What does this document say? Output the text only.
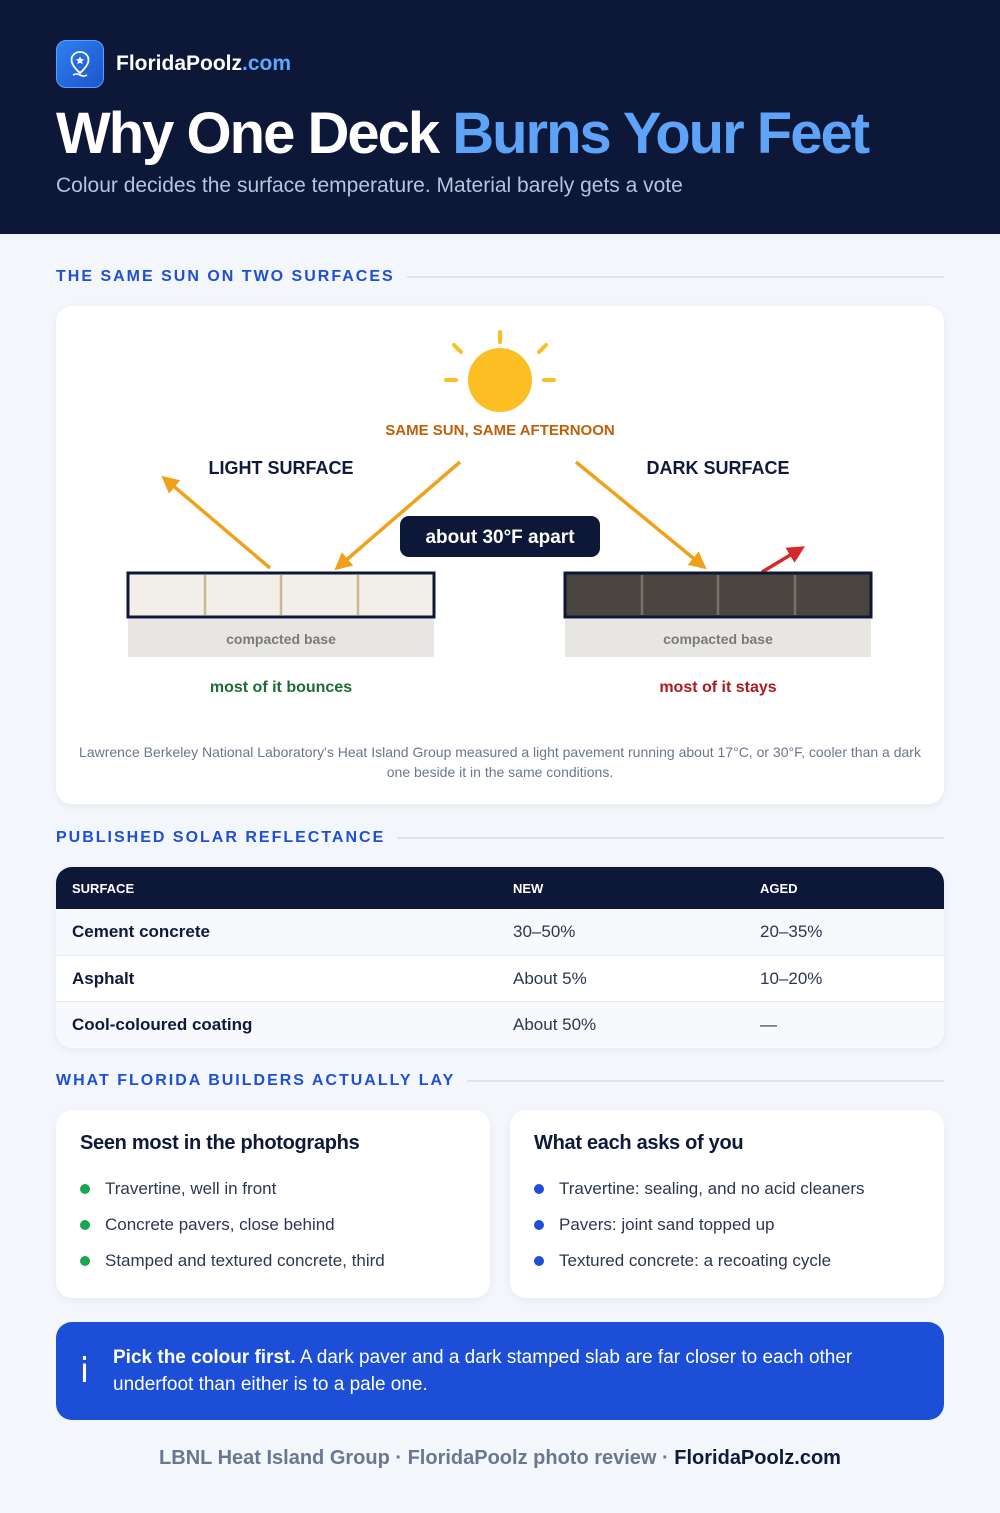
FloridaPoolz.com
Why One Deck Burns Your Feet
Colour decides the surface temperature. Material barely gets a vote
THE SAME SUN ON TWO SURFACES
SAME SUN, SAME AFTERNOON
LIGHT SURFACE	DARK SURFACE
about 30°F apart
compacted base	compacted base
most of it bounces	most of it stays
Lawrence Berkeley National Laboratory's Heat Island Group measured a light pavement running about 17°C, or 30°F, cooler than a dark one beside it in the same conditions.
PUBLISHED SOLAR REFLECTANCE
SURFACE	NEW	AGED
Cement concrete	30–50%	20–35%
Asphalt	About 5%	10–20%
Cool-coloured coating	About 50%	—
WHAT FLORIDA BUILDERS ACTUALLY LAY
Seen most in the photographs
Travertine, well in front
Concrete pavers, close behind
Stamped and textured concrete, third
What each asks of you
Travertine: sealing, and no acid cleaners
Pavers: joint sand topped up
Textured concrete: a recoating cycle
i	Pick the colour first. A dark paver and a dark stamped slab are far closer to each other underfoot than either is to a pale one.
LBNL Heat Island Group · FloridaPoolz photo review · FloridaPoolz.com
